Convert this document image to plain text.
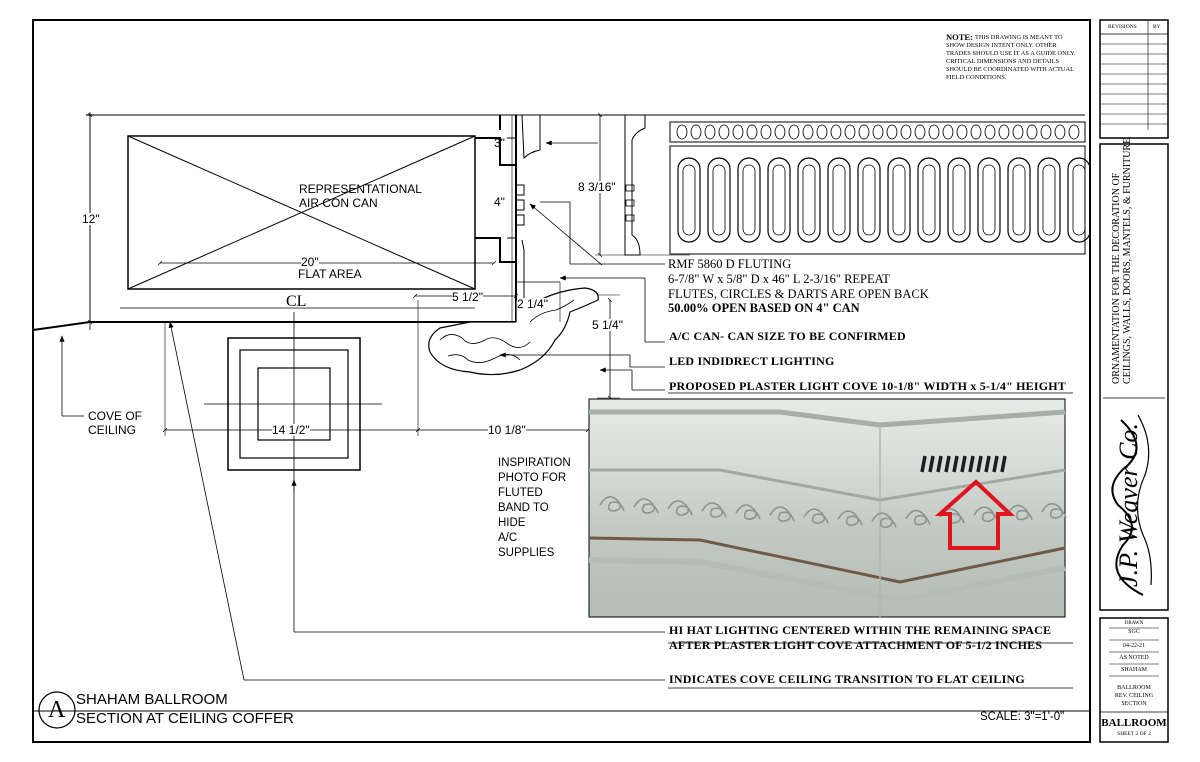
J.P. Weaver Co.
NOTE: THIS DRAWING IS MEANT TO
SHOW DESIGN INTENT ONLY. OTHER
TRADES SHOULD USE IT AS A GUIDE ONLY.
CRITICAL DIMENSIONS AND DETAILS
SHOULD BE COORDINATED WITH ACTUAL
FIELD CONDITIONS.
REPRESENTATIONAL
AIR CON CAN
20"
FLAT AREA
12"
3"
4"
8 3/16"
5 1/2"	2 1/4"
5 1/4"
14 1/2"	10 1/8"
CL
COVE OF
CEILING
RMF 5860 D FLUTING
6-7/8" W x 5/8" D x 46" L 2-3/16" REPEAT
FLUTES, CIRCLES & DARTS ARE OPEN BACK
50.00% OPEN BASED ON 4" CAN
A/C CAN- CAN SIZE TO BE CONFIRMED
LED INDIDRECT LIGHTING
PROPOSED PLASTER LIGHT COVE 10-1/8" WIDTH x 5-1/4" HEIGHT
HI HAT LIGHTING CENTERED WITHIN THE REMAINING SPACE
AFTER PLASTER LIGHT COVE ATTACHMENT OF 5-1/2 INCHES
INDICATES COVE CEILING TRANSITION TO FLAT CEILING
INSPIRATION
PHOTO FOR
FLUTED
BAND TO
HIDE
A/C
SUPPLIES
A SHAHAM BALLROOM
SECTION AT CEILING COFFER	SCALE: 3"=1'-0"
REVISIONS	BY
ORNAMENTATION FOR THE DECORATION OF CEILINGS, WALLS, DOORS, MANTELS, & FURNITURE
DRAWN
SGC
04-22-21
AS NOTED
SHAHAM
BALLROOM
REV. CEILING
SECTION
BALLROOM
SHEET 2 OF 2
